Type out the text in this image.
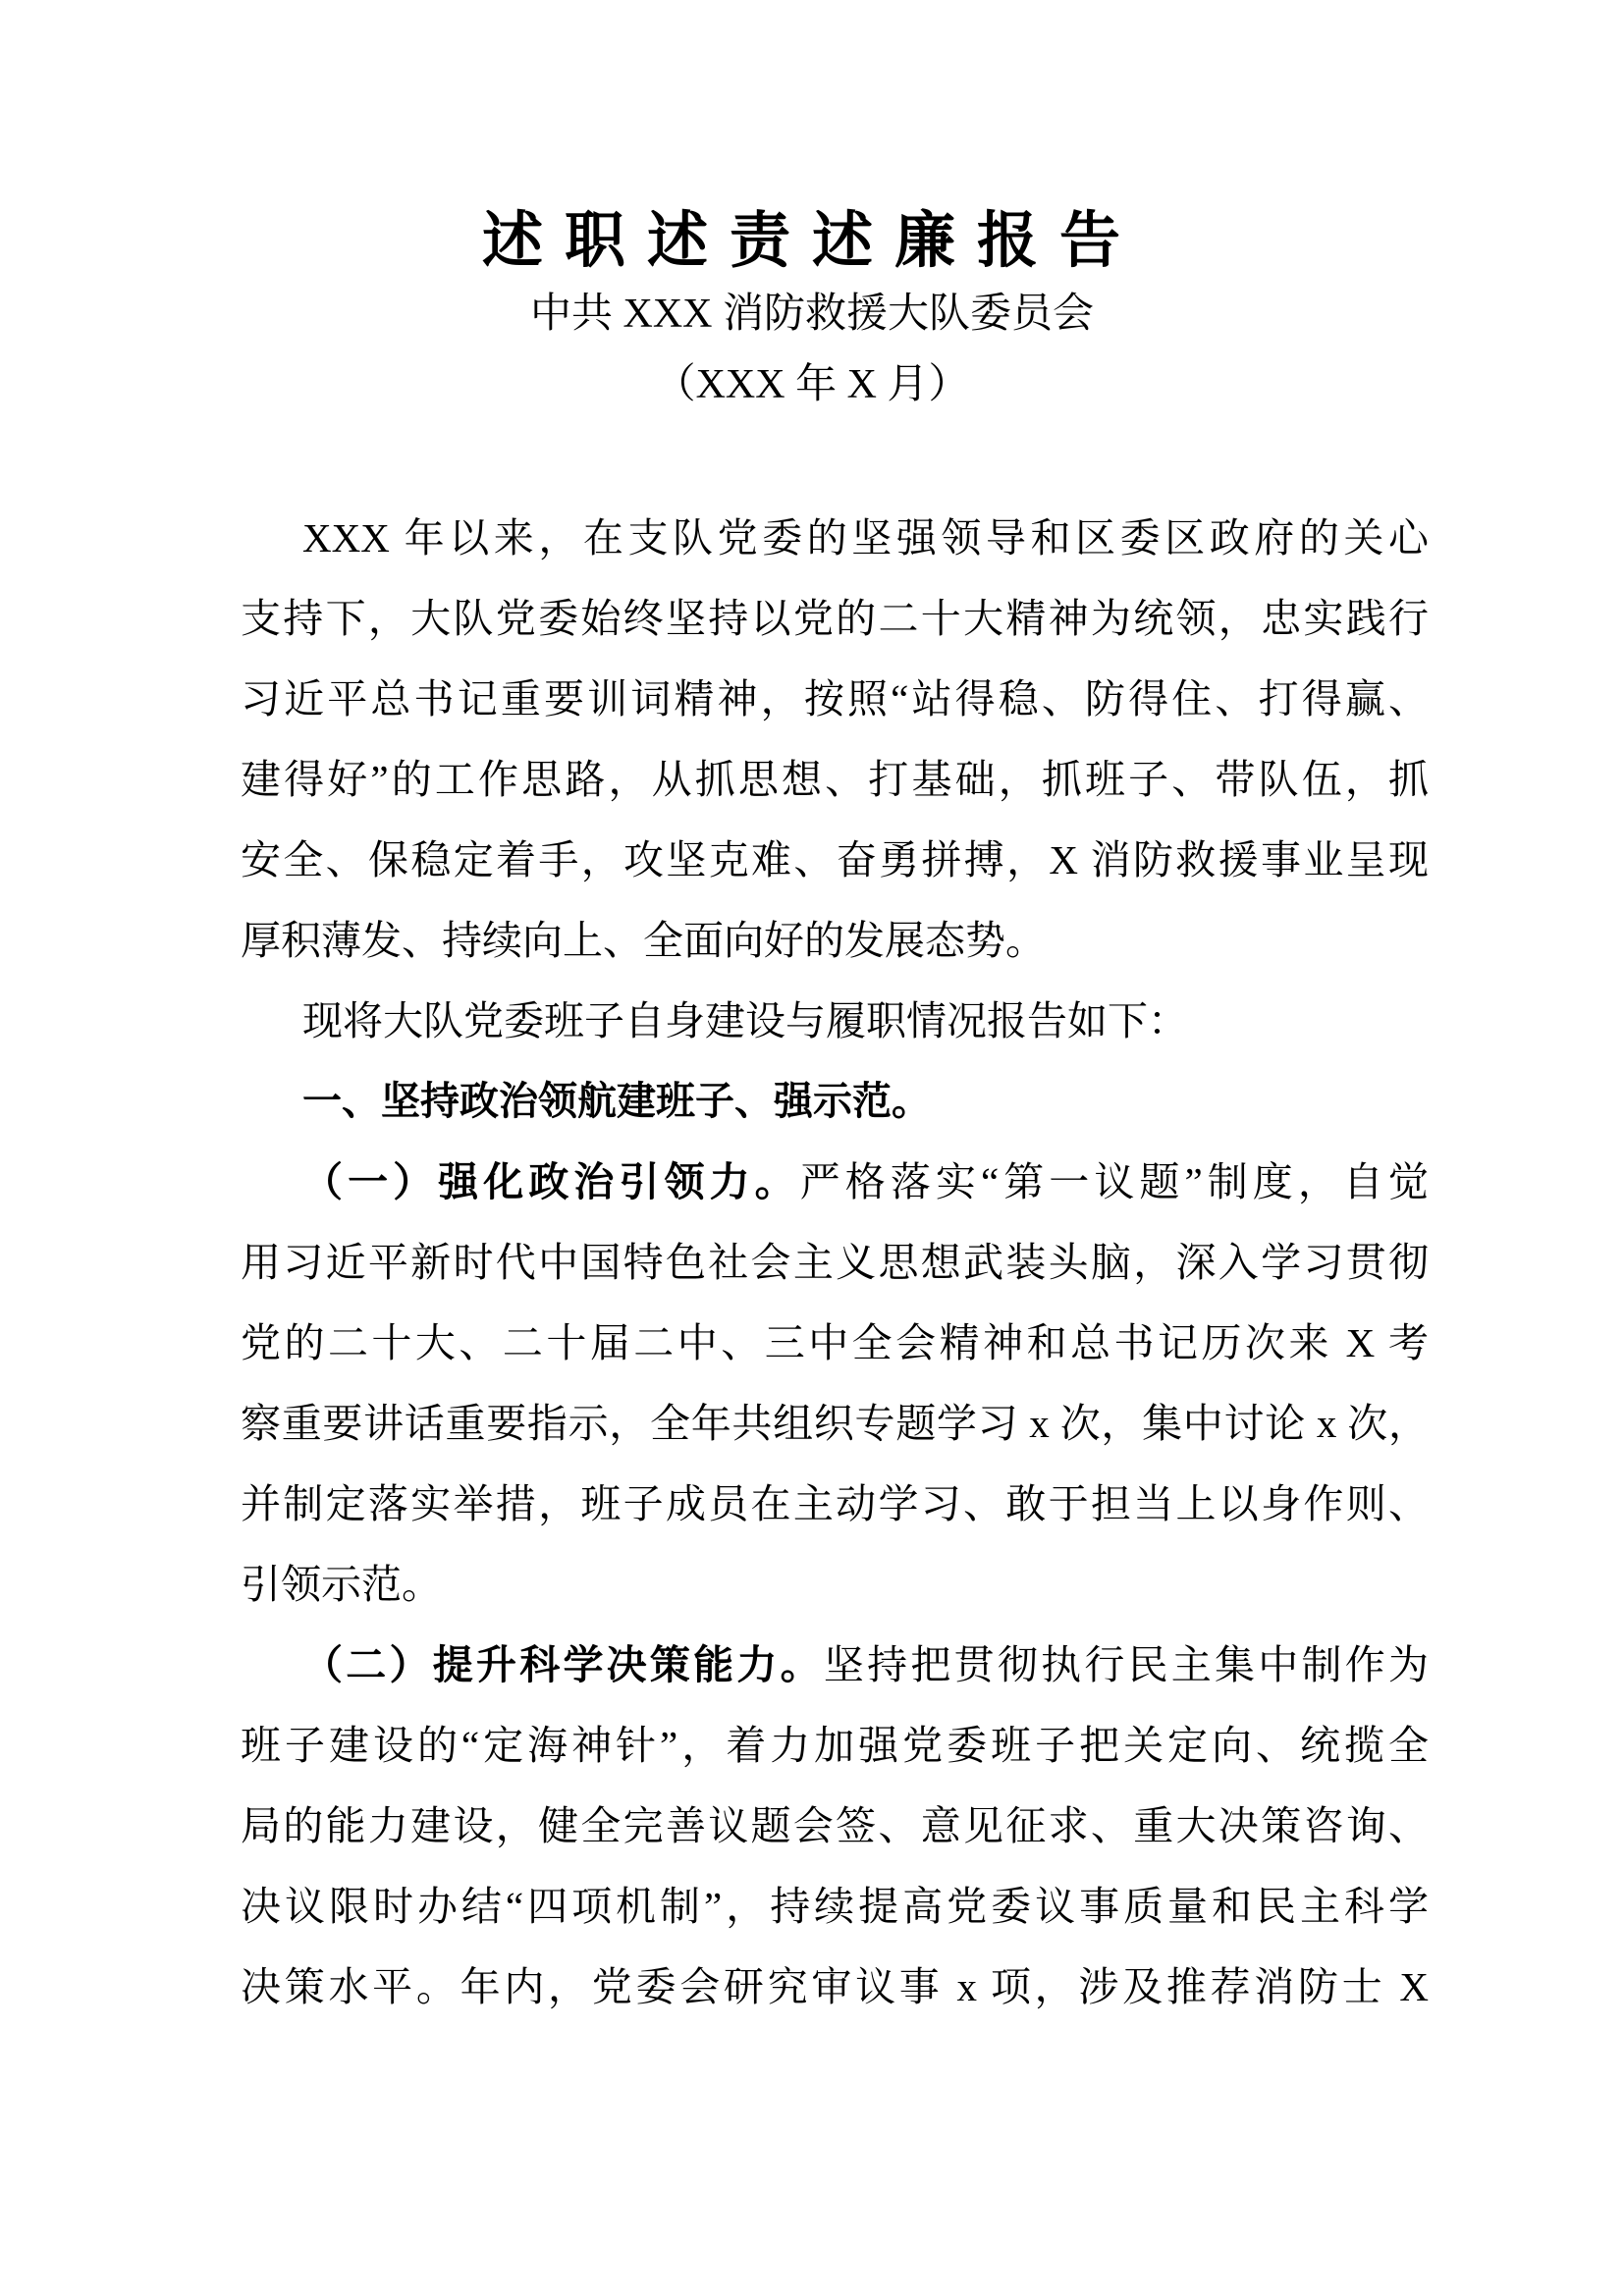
述职述责述廉报告
中共 XXX 消防救援大队委员会
（XXX 年 X 月）
XXX 年以来，在支队党委的坚强领导和区委区政府的关心
支持下，大队党委始终坚持以党的二十大精神为统领，忠实践行
习近平总书记重要训词精神，按照“站得稳、防得住、打得赢、
建得好”的工作思路，从抓思想、打基础，抓班子、带队伍，抓
安全、保稳定着手，攻坚克难、奋勇拼搏，X 消防救援事业呈现
厚积薄发、持续向上、全面向好的发展态势。
现将大队党委班子自身建设与履职情况报告如下：
一、坚持政治领航建班子、强示范。
（一）强化政治引领力。严格落实“第一议题”制度，自觉
用习近平新时代中国特色社会主义思想武装头脑，深入学习贯彻
党的二十大、二十届二中、三中全会精神和总书记历次来 X 考
察重要讲话重要指示，全年共组织专题学习 x 次，集中讨论 x 次，
并制定落实举措，班子成员在主动学习、敢于担当上以身作则、
引领示范。
（二）提升科学决策能力。坚持把贯彻执行民主集中制作为
班子建设的“定海神针”，着力加强党委班子把关定向、统揽全
局的能力建设，健全完善议题会签、意见征求、重大决策咨询、
决议限时办结“四项机制”，持续提高党委议事质量和民主科学
决策水平。年内，党委会研究审议事 x 项，涉及推荐消防士 X
